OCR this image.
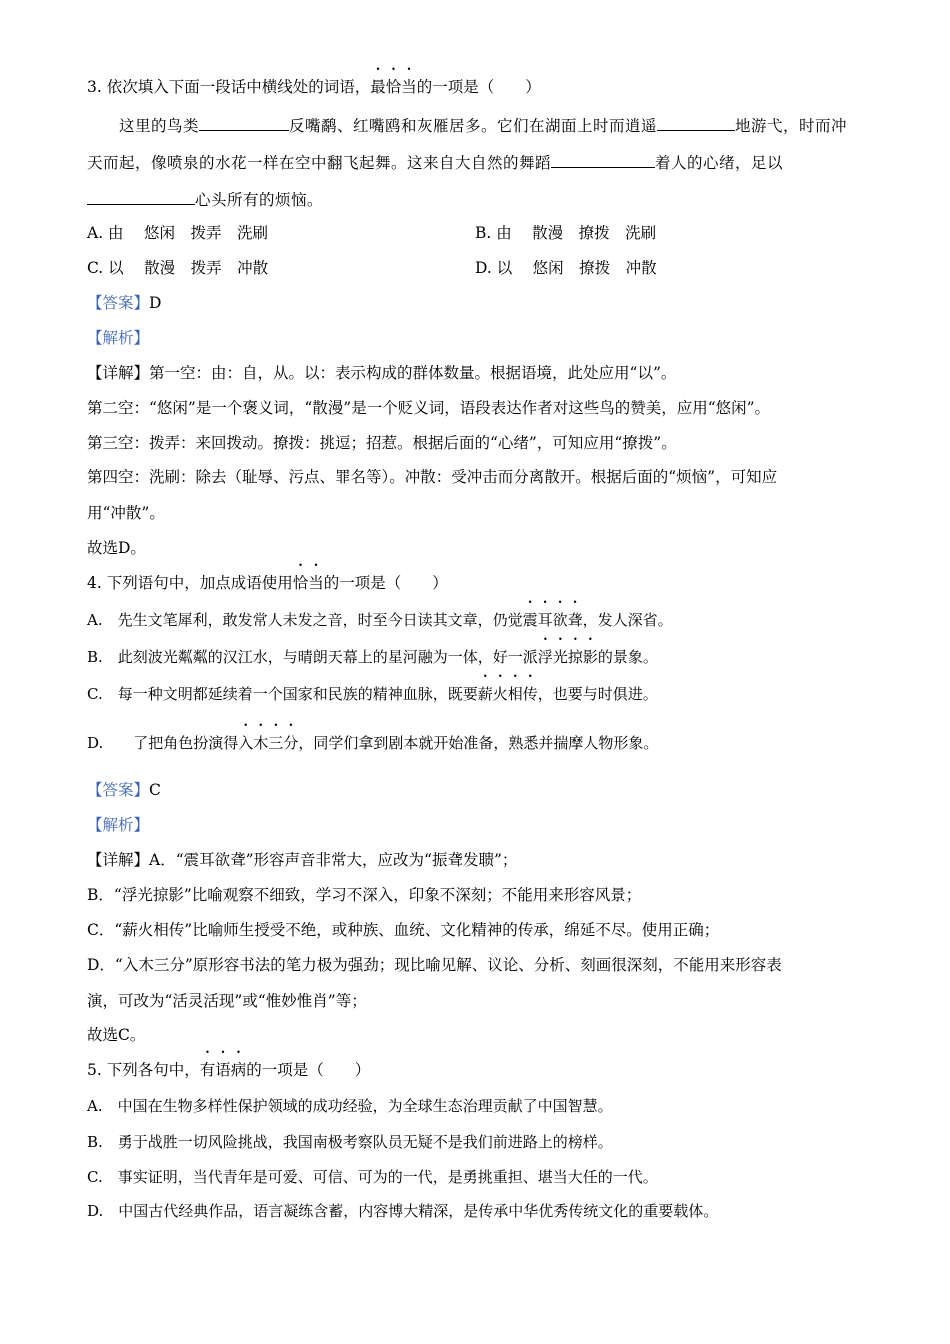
3. 依次填入下面一段话中横线处的词语，最恰当的一项是（　　）
这里的鸟类	反嘴鹬、红嘴鸥和灰雁居多。它们在湖面上时而逍遥	地游弋，时而冲
天而起，像喷泉的水花一样在空中翻飞起舞。这来自大自然的舞蹈	着人的心绪，足以
心头所有的烦恼。
A. 由　 悠闲　拨弄　洗刷	B. 由　 散漫　撩拨　洗刷
C. 以　 散漫　拨弄　冲散	D. 以　 悠闲　撩拨　冲散
【答案】D
【解析】
【详解】第一空：由：自，从。以：表示构成的群体数量。根据语境，此处应用“以”。
第二空：“悠闲”是一个褒义词，“散漫”是一个贬义词，语段表达作者对这些鸟的赞美，应用“悠闲”。
第三空：拨弄：来回拨动。撩拨：挑逗；招惹。根据后面的“心绪”，可知应用“撩拨”。
第四空：洗刷：除去（耻辱、污点、罪名等）。冲散：受冲击而分离散开。根据后面的“烦恼”，可知应
用“冲散”。
故选D。
4. 下列语句中，加点成语使用恰当的一项是（　　）
A.　先生文笔犀利，敢发常人未发之音，时至今日读其文章，仍觉震耳欲聋，发人深省。
B.　此刻波光粼粼的汉江水，与晴朗天幕上的星河融为一体，好一派浮光掠影的景象。
C.　每一种文明都延续着一个国家和民族的精神血脉，既要薪火相传，也要与时俱进。
D.　　了把角色扮演得入木三分，同学们拿到剧本就开始准备，熟悉并揣摩人物形象。
【答案】C
【解析】
【详解】A．“震耳欲聋”形容声音非常大，应改为“振聋发聩”；
B．“浮光掠影”比喻观察不细致，学习不深入，印象不深刻；不能用来形容风景；
C．“薪火相传”比喻师生授受不绝，或种族、血统、文化精神的传承，绵延不尽。使用正确；
D．“入木三分”原形容书法的笔力极为强劲；现比喻见解、议论、分析、刻画很深刻，不能用来形容表
演，可改为“活灵活现”或“惟妙惟肖”等；
故选C。
5. 下列各句中，有语病的一项是（　　）
A.　中国在生物多样性保护领域的成功经验，为全球生态治理贡献了中国智慧。
B.　勇于战胜一切风险挑战，我国南极考察队员无疑不是我们前进路上的榜样。
C.　事实证明，当代青年是可爱、可信、可为的一代，是勇挑重担、堪当大任的一代。
D.　中国古代经典作品，语言凝练含蓄，内容博大精深，是传承中华优秀传统文化的重要载体。
